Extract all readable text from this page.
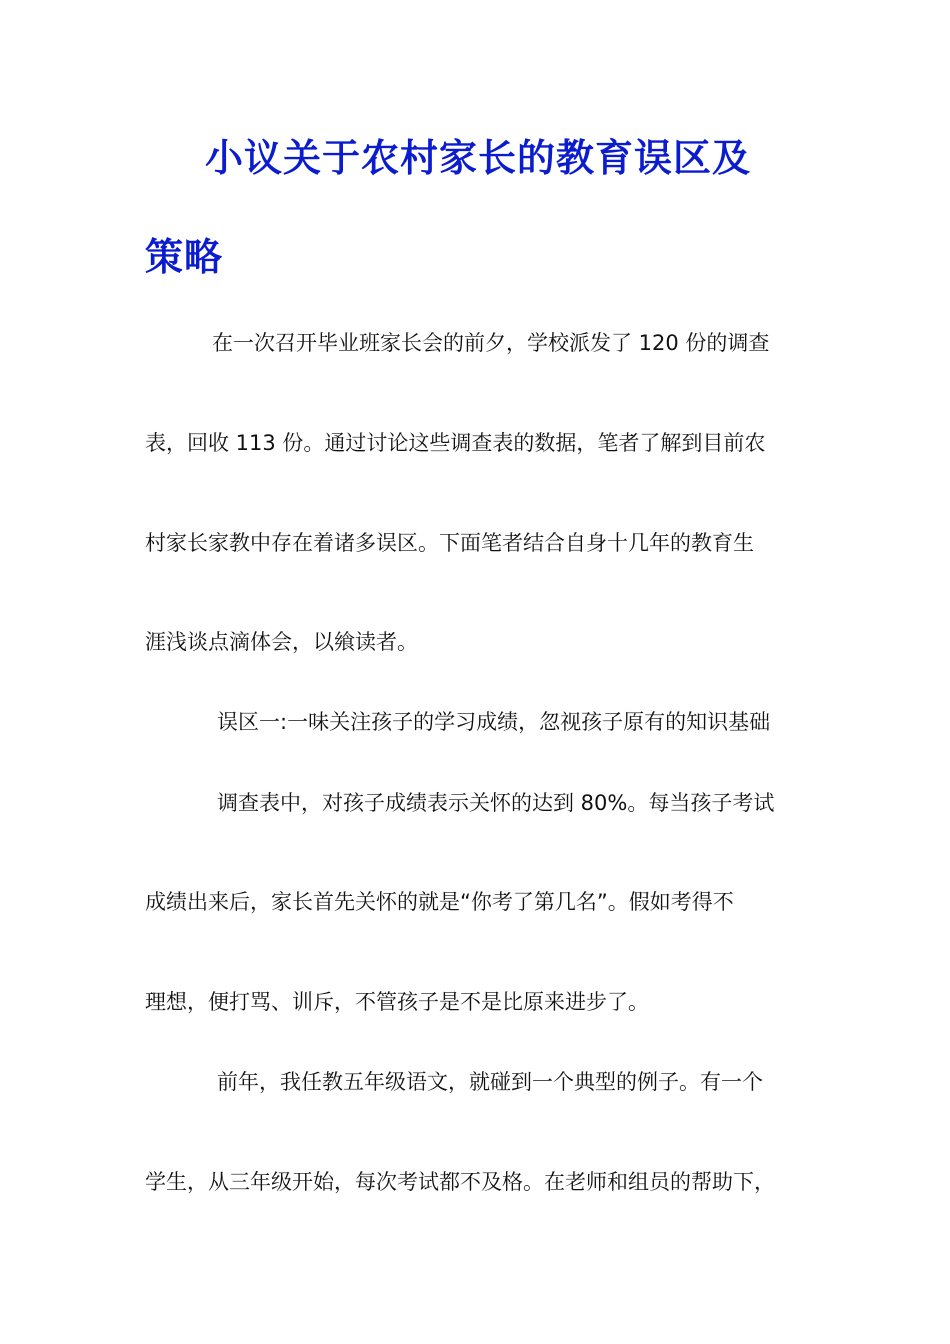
小议关于农村家长的教育误区及
策略
在一次召开毕业班家长会的前夕，学校派发了 120 份的调查
表，回收 113 份。通过讨论这些调查表的数据，笔者了解到目前农
村家长家教中存在着诸多误区。下面笔者结合自身十几年的教育生
涯浅谈点滴体会，以飨读者。
误区一:一味关注孩子的学习成绩，忽视孩子原有的知识基础
调查表中，对孩子成绩表示关怀的达到 80%。每当孩子考试
成绩出来后，家长首先关怀的就是“你考了第几名”。假如考得不
理想，便打骂、训斥，不管孩子是不是比原来进步了。
前年，我任教五年级语文，就碰到一个典型的例子。有一个
学生，从三年级开始，每次考试都不及格。在老师和组员的帮助下，
